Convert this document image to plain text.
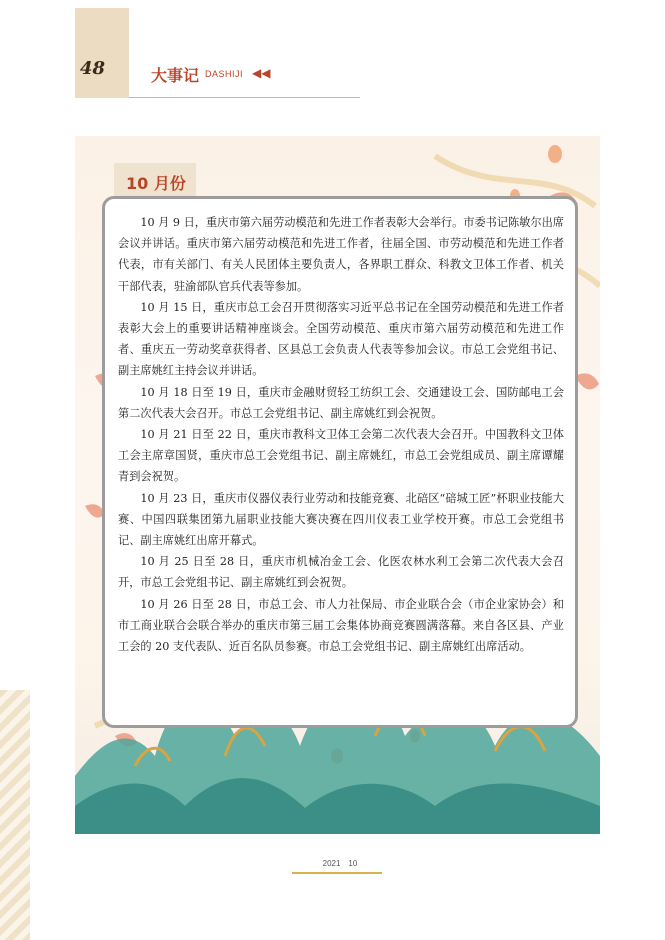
48	大事记 DASHIJI ◀◀
10 月份

10 月 9 日，重庆市第六届劳动模范和先进工作者表彰大会举行。市委书记陈敏尔出席会议并讲话。重庆市第六届劳动模范和先进工作者，往届全国、市劳动模范和先进工作者代表，市有关部门、有关人民团体主要负责人，各界职工群众、科教文卫体工作者、机关干部代表，驻渝部队官兵代表等参加。

10 月 15 日，重庆市总工会召开贯彻落实习近平总书记在全国劳动模范和先进工作者表彰大会上的重要讲话精神座谈会。全国劳动模范、重庆市第六届劳动模范和先进工作者、重庆五一劳动奖章获得者、区县总工会负责人代表等参加会议。市总工会党组书记、副主席姚红主持会议并讲话。

10 月 18 日至 19 日，重庆市金融财贸轻工纺织工会、交通建设工会、国防邮电工会第二次代表大会召开。市总工会党组书记、副主席姚红到会祝贺。

10 月 21 日至 22 日，重庆市教科文卫体工会第二次代表大会召开。中国教科文卫体工会主席章国贤，重庆市总工会党组书记、副主席姚红，市总工会党组成员、副主席谭耀青到会祝贺。

10 月 23 日，重庆市仪器仪表行业劳动和技能竞赛、北碚区“碚城工匠”杯职业技能大赛、中国四联集团第九届职业技能大赛决赛在四川仪表工业学校开赛。市总工会党组书记、副主席姚红出席开幕式。

10 月 25 日至 28 日，重庆市机械冶金工会、化医农林水利工会第二次代表大会召开，市总工会党组书记、副主席姚红到会祝贺。

10 月 26 日至 28 日，市总工会、市人力社保局、市企业联合会（市企业家协会）和市工商业联合会联合举办的重庆市第三届工会集体协商竞赛圆满落幕。来自各区县、产业工会的 20 支代表队、近百名队员参赛。市总工会党组书记、副主席姚红出席活动。

2021　10
